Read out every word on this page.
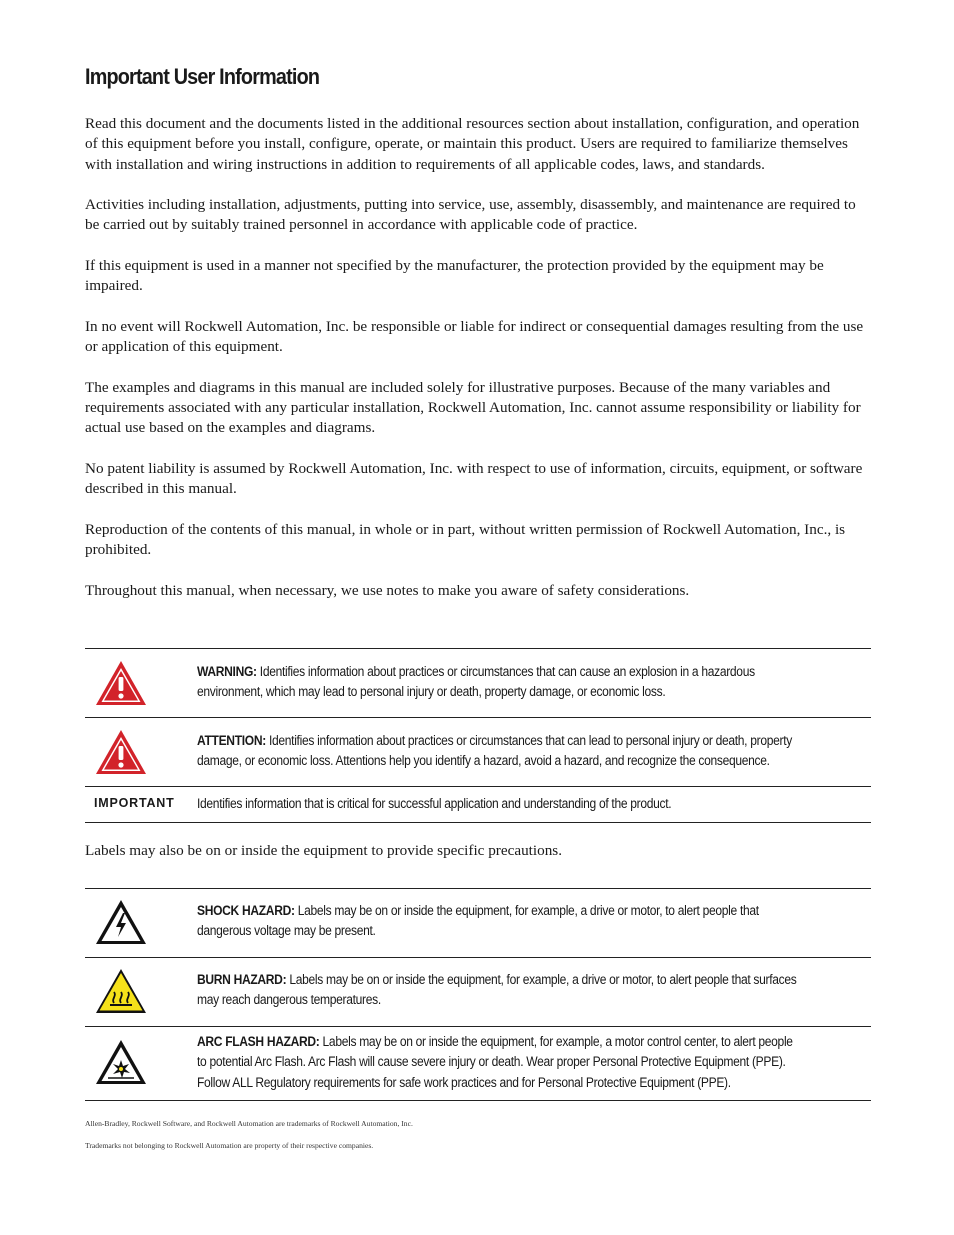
Important User Information

Read this document and the documents listed in the additional resources section about installation, configuration, and operation of this equipment before you install, configure, operate, or maintain this product. Users are required to familiarize themselves with installation and wiring instructions in addition to requirements of all applicable codes, laws, and standards.

Activities including installation, adjustments, putting into service, use, assembly, disassembly, and maintenance are required to be carried out by suitably trained personnel in accordance with applicable code of practice.

If this equipment is used in a manner not specified by the manufacturer, the protection provided by the equipment may be impaired.

In no event will Rockwell Automation, Inc. be responsible or liable for indirect or consequential damages resulting from the use or application of this equipment.

The examples and diagrams in this manual are included solely for illustrative purposes. Because of the many variables and requirements associated with any particular installation, Rockwell Automation, Inc. cannot assume responsibility or liability for actual use based on the examples and diagrams.

No patent liability is assumed by Rockwell Automation, Inc. with respect to use of information, circuits, equipment, or software described in this manual.

Reproduction of the contents of this manual, in whole or in part, without written permission of Rockwell Automation, Inc., is prohibited.

Throughout this manual, when necessary, we use notes to make you aware of safety considerations.

WARNING: Identifies information about practices or circumstances that can cause an explosion in a hazardous environment, which may lead to personal injury or death, property damage, or economic loss.
ATTENTION: Identifies information about practices or circumstances that can lead to personal injury or death, property damage, or economic loss. Attentions help you identify a hazard, avoid a hazard, and recognize the consequence.
IMPORTANT Identifies information that is critical for successful application and understanding of the product.
Labels may also be on or inside the equipment to provide specific precautions.
SHOCK HAZARD: Labels may be on or inside the equipment, for example, a drive or motor, to alert people that dangerous voltage may be present.
BURN HAZARD: Labels may be on or inside the equipment, for example, a drive or motor, to alert people that surfaces may reach dangerous temperatures.
ARC FLASH HAZARD: Labels may be on or inside the equipment, for example, a motor control center, to alert people to potential Arc Flash. Arc Flash will cause severe injury or death. Wear proper Personal Protective Equipment (PPE). Follow ALL Regulatory requirements for safe work practices and for Personal Protective Equipment (PPE).
Allen-Bradley, Rockwell Software, and Rockwell Automation are trademarks of Rockwell Automation, Inc.
Trademarks not belonging to Rockwell Automation are property of their respective companies.
